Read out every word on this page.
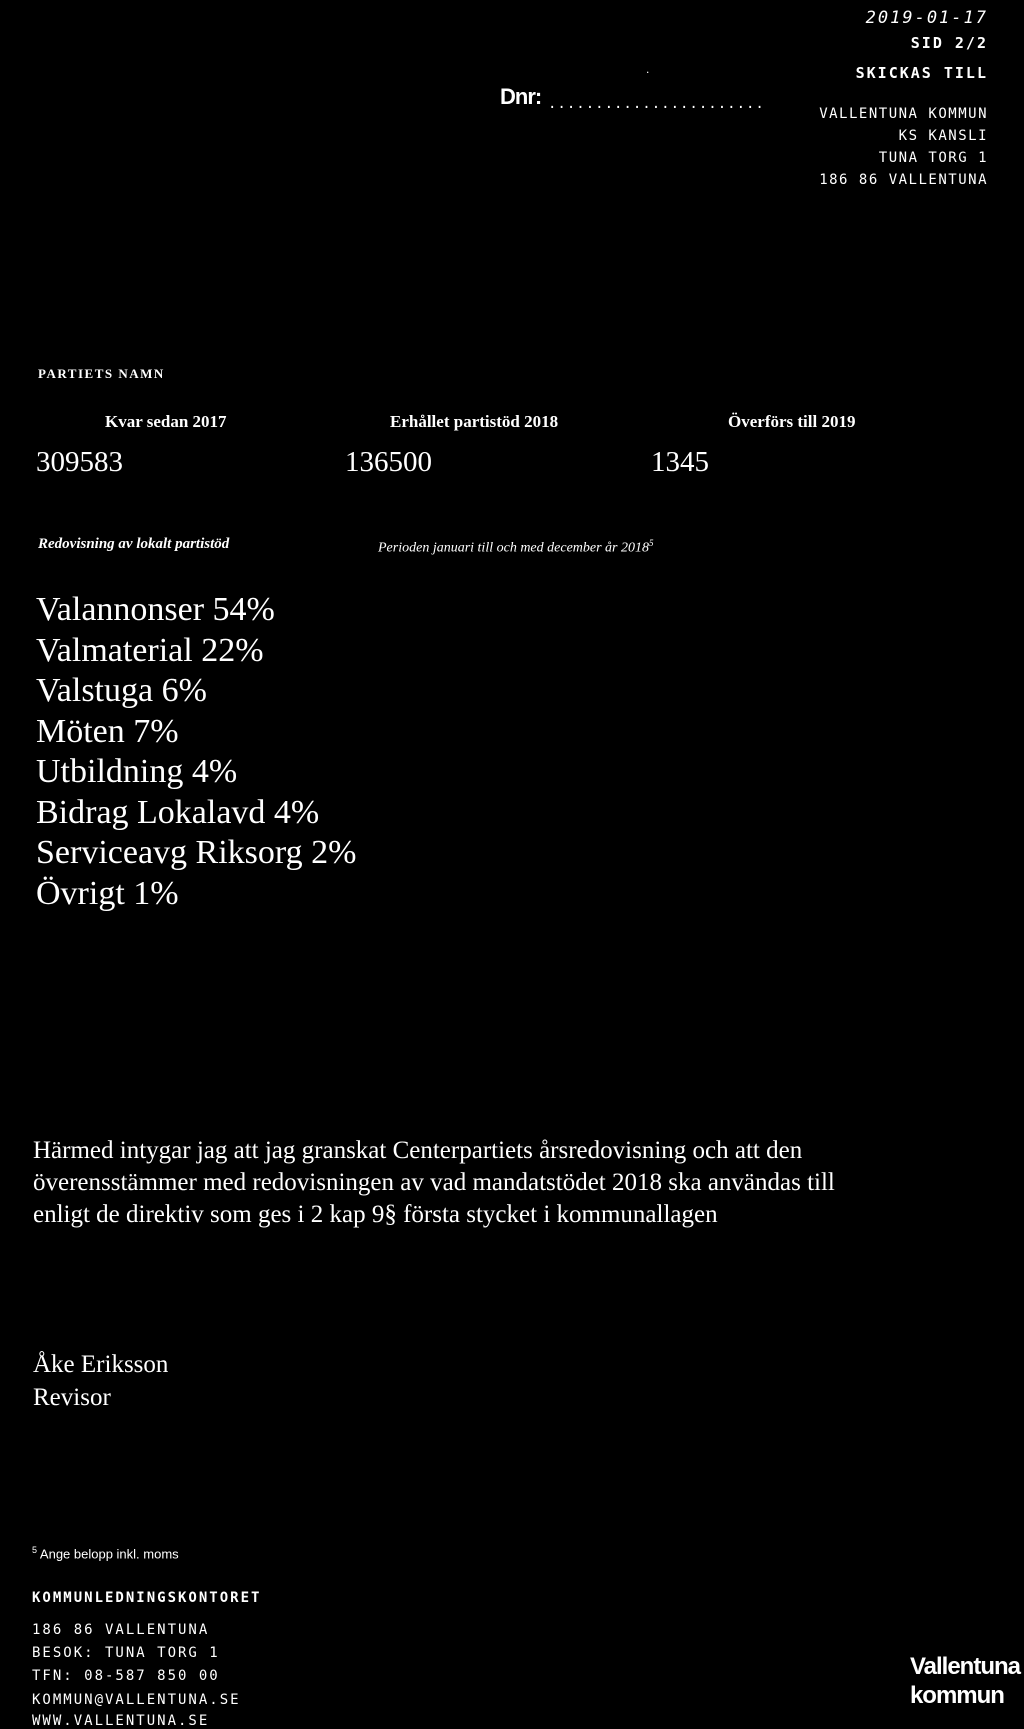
2019-01-17
SID 2/2
.	SKICKAS TILL
Dnr: .......................
VALLENTUNA KOMMUN
KS KANSLI
TUNA TORG 1
186 86 VALLENTUNA
PARTIETS NAMN
Kvar sedan 2017	Erhållet partistöd 2018	Överförs till 2019
309583	136500	1345
Redovisning av lokalt partistöd	Perioden januari till och med december år 2018$^5$
Valannonser 54%
Valmaterial 22%
Valstuga 6%
Möten 7%
Utbildning 4%
Bidrag Lokalavd 4%
Serviceavg Riksorg 2%
Övrigt 1%
Härmed intygar jag att jag granskat Centerpartiets årsredovisning och att den
överensstämmer med redovisningen av vad mandatstödet 2018 ska användas till
enligt de direktiv som ges i 2 kap 9§ första stycket i kommunallagen
Åke Eriksson
Revisor
$^5$ Ange belopp inkl. moms
KOMMUNLEDNINGSKONTORET
186 86 VALLENTUNA
BESOK: TUNA TORG 1
TFN: 08-587 850 00
KOMMUN@VALLENTUNA.SE
WWW.VALLENTUNA.SE
Vallentuna
kommun
